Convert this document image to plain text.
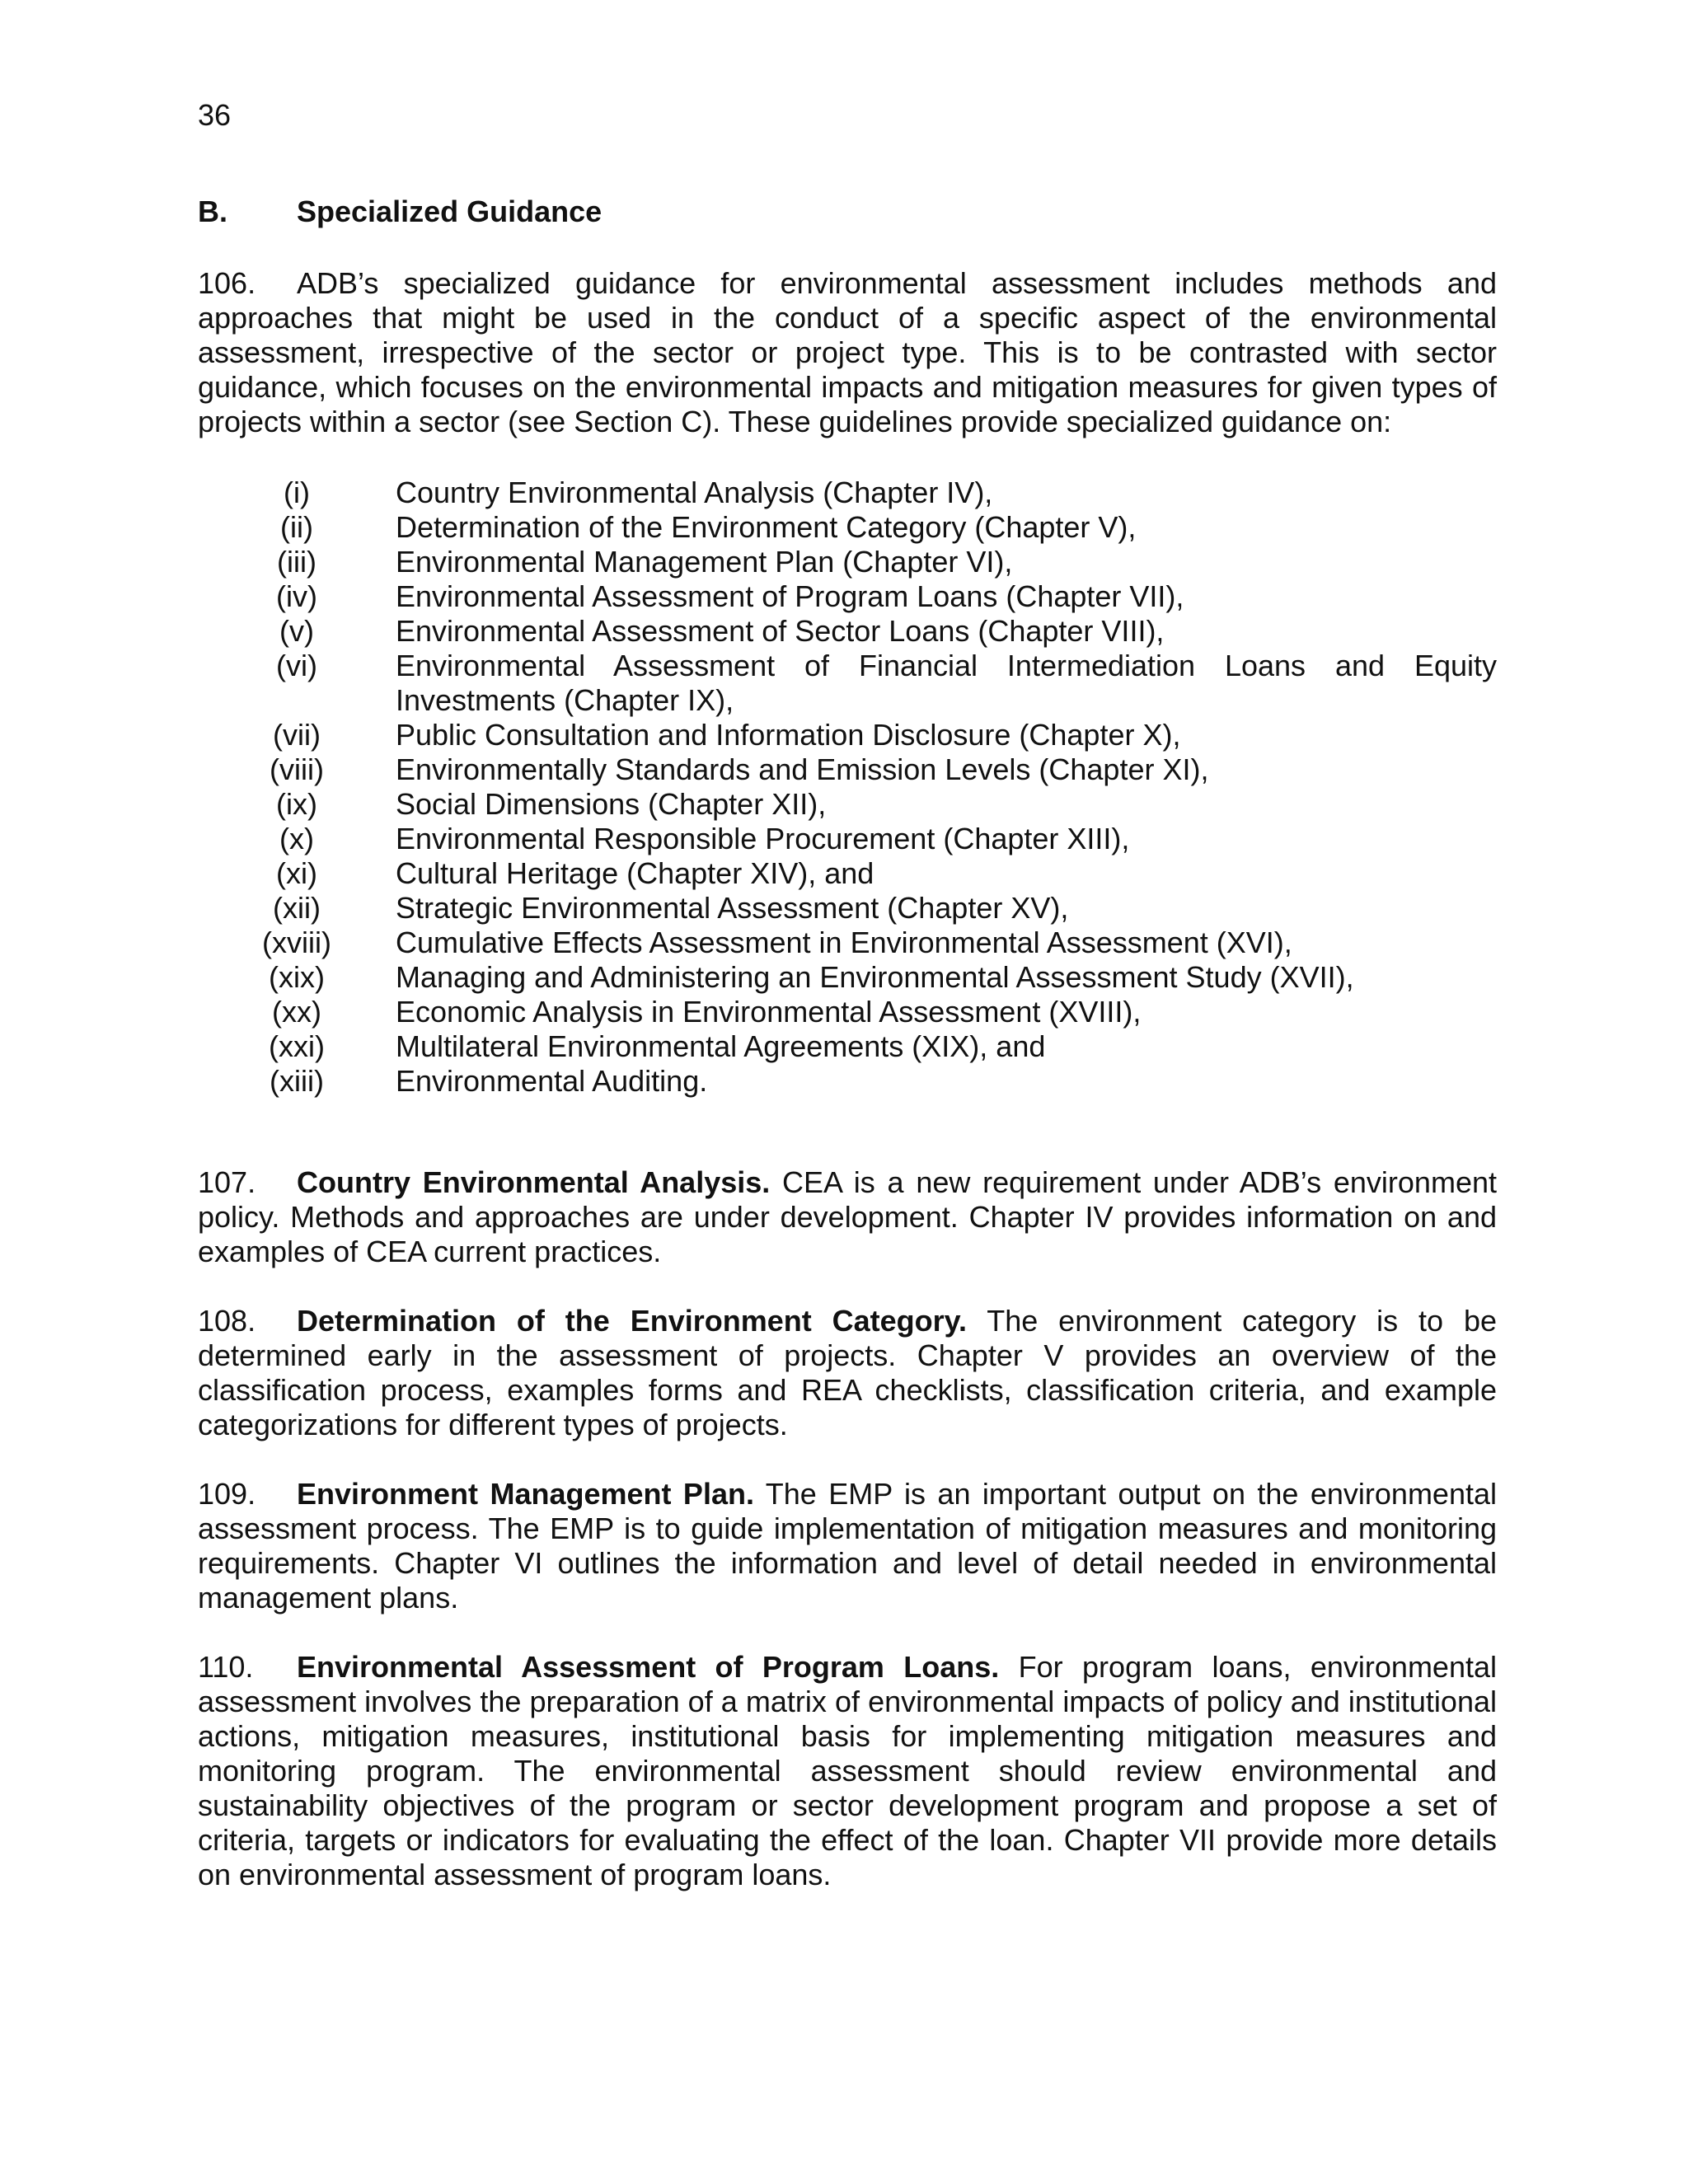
36
B. Specialized Guidance

106. ADB’s specialized guidance for environmental assessment includes methods and approaches that might be used in the conduct of a specific aspect of the environmental assessment, irrespective of the sector or project type. This is to be contrasted with sector guidance, which focuses on the environmental impacts and mitigation measures for given types of projects within a sector (see Section C). These guidelines provide specialized guidance on:

(i)	Country Environmental Analysis (Chapter IV),
(ii)	Determination of the Environment Category (Chapter V),
(iii)	Environmental Management Plan (Chapter VI),
(iv)	Environmental Assessment of Program Loans (Chapter VII),
(v)	Environmental Assessment of Sector Loans (Chapter VIII),
(vi)	Environmental Assessment of Financial Intermediation Loans and Equity Investments (Chapter IX),
(vii)	Public Consultation and Information Disclosure (Chapter X),
(viii)	Environmentally Standards and Emission Levels (Chapter XI),
(ix)	Social Dimensions (Chapter XII),
(x)	Environmental Responsible Procurement (Chapter XIII),
(xi)	Cultural Heritage (Chapter XIV), and
(xii)	Strategic Environmental Assessment (Chapter XV),
(xviii)	Cumulative Effects Assessment in Environmental Assessment (XVI),
(xix)	Managing and Administering an Environmental Assessment Study (XVII),
(xx)	Economic Analysis in Environmental Assessment (XVIII),
(xxi)	Multilateral Environmental Agreements (XIX), and
(xiii)	Environmental Auditing.

107. Country Environmental Analysis. CEA is a new requirement under ADB’s environment policy. Methods and approaches are under development. Chapter IV provides information on and examples of CEA current practices.

108. Determination of the Environment Category. The environment category is to be determined early in the assessment of projects. Chapter V provides an overview of the classification process, examples forms and REA checklists, classification criteria, and example categorizations for different types of projects.

109. Environment Management Plan. The EMP is an important output on the environmental assessment process. The EMP is to guide implementation of mitigation measures and monitoring requirements. Chapter VI outlines the information and level of detail needed in environmental management plans.

110. Environmental Assessment of Program Loans. For program loans, environmental assessment involves the preparation of a matrix of environmental impacts of policy and institutional actions, mitigation measures, institutional basis for implementing mitigation measures and monitoring program. The environmental assessment should review environmental and sustainability objectives of the program or sector development program and propose a set of criteria, targets or indicators for evaluating the effect of the loan. Chapter VII provide more details on environmental assessment of program loans.
